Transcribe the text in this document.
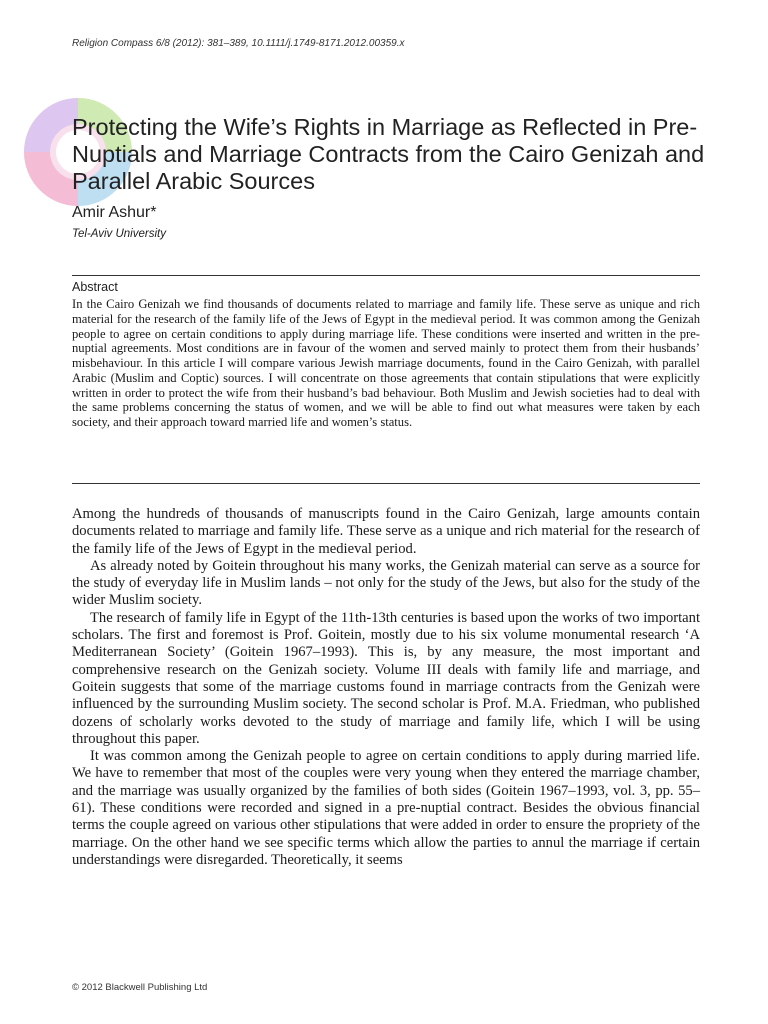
Religion Compass 6/8 (2012): 381–389, 10.1111/j.1749-8171.2012.00359.x
Protecting the Wife’s Rights in Marriage as Reflected in Pre-Nuptials and Marriage Contracts from the Cairo Genizah and Parallel Arabic Sources
Amir Ashur*
Tel-Aviv University
Abstract

In the Cairo Genizah we find thousands of documents related to marriage and family life. These serve as unique and rich material for the research of the family life of the Jews of Egypt in the medieval period. It was common among the Genizah people to agree on certain conditions to apply during marriage life. These conditions were inserted and written in the pre-nuptial agreements. Most conditions are in favour of the women and served mainly to protect them from their husbands’ misbehaviour. In this article I will compare various Jewish marriage documents, found in the Cairo Genizah, with parallel Arabic (Muslim and Coptic) sources. I will concentrate on those agreements that contain stipulations that were explicitly written in order to protect the wife from their husband’s bad behaviour. Both Muslim and Jewish societies had to deal with the same problems concerning the status of women, and we will be able to find out what measures were taken by each society, and their approach toward married life and women’s status.

Among the hundreds of thousands of manuscripts found in the Cairo Genizah, large amounts contain documents related to marriage and family life. These serve as a unique and rich material for the research of the family life of the Jews of Egypt in the medieval period.

As already noted by Goitein throughout his many works, the Genizah material can serve as a source for the study of everyday life in Muslim lands – not only for the study of the Jews, but also for the study of the wider Muslim society.

The research of family life in Egypt of the 11th-13th centuries is based upon the works of two important scholars. The first and foremost is Prof. Goitein, mostly due to his six volume monumental research ‘A Mediterranean Society’ (Goitein 1967–1993). This is, by any measure, the most important and comprehensive research on the Genizah society. Volume III deals with family life and marriage, and Goitein suggests that some of the marriage customs found in marriage contracts from the Genizah were influenced by the surrounding Muslim society. The second scholar is Prof. M.A. Friedman, who published dozens of scholarly works devoted to the study of marriage and family life, which I will be using throughout this paper.

It was common among the Genizah people to agree on certain conditions to apply during married life. We have to remember that most of the couples were very young when they entered the marriage chamber, and the marriage was usually organized by the families of both sides (Goitein 1967–1993, vol. 3, pp. 55–61). These conditions were recorded and signed in a pre-nuptial contract. Besides the obvious financial terms the couple agreed on various other stipulations that were added in order to ensure the propriety of the marriage. On the other hand we see specific terms which allow the parties to annul the marriage if certain understandings were disregarded. Theoretically, it seems

© 2012 Blackwell Publishing Ltd
